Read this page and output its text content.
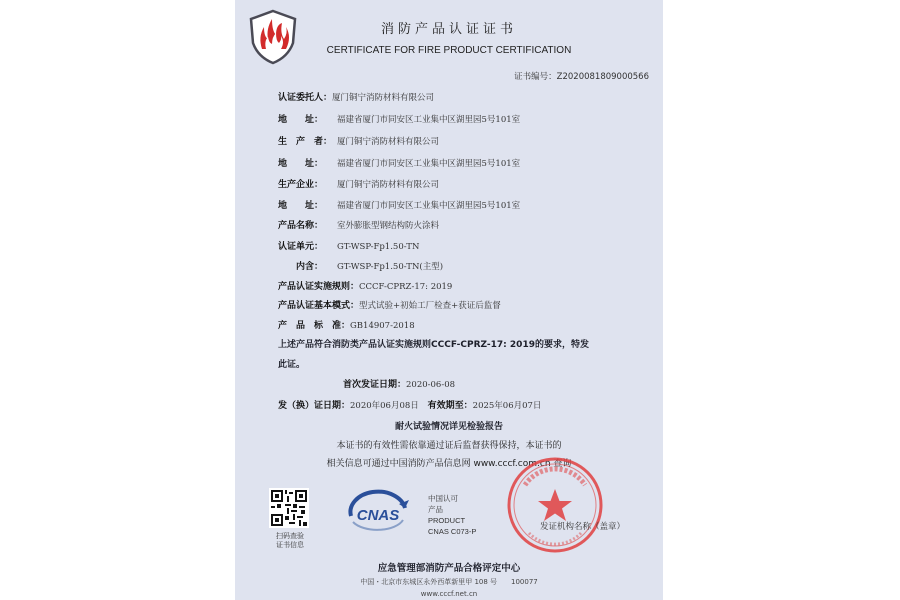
消防产品认证证书
CERTIFICATE FOR FIRE PRODUCT CERTIFICATION
证书编号：Z2020081809000566
认证委托人：厦门铜宁消防材料有限公司
地　　址： 福建省厦门市同安区工业集中区湖里园5号101室
生　产　者： 厦门铜宁消防材料有限公司
地　　址： 福建省厦门市同安区工业集中区湖里园5号101室
生产企业： 厦门铜宁消防材料有限公司
地　　址： 福建省厦门市同安区工业集中区湖里园5号101室
产品名称： 室外膨胀型钢结构防火涂料
认证单元： GT-WSP-Fp1.50-TN
　　内含： GT-WSP-Fp1.50-TN(主型)
产品认证实施规则：CCCF-CPRZ-17: 2019
产品认证基本模式：型式试验+初始工厂检查+获证后监督
产　品　标　准：GB14907-2018
上述产品符合消防类产品认证实施规则CCCF-CPRZ-17: 2019的要求，特发
此证。
首次发证日期：2020-06-08
发（换）证日期：2020年06月08日 有效期至：2025年06月07日
耐火试验情况详见检验报告
本证书的有效性需依靠通过证后监督获得保持，本证书的
相关信息可通过中国消防产品信息网 www.cccf.com.cn 查询
扫码查验
证书信息
CNAS
中国认可
产品
PRODUCT
CNAS C073-P	发证机构名称（盖章）
应急管理部消防产品合格评定中心
中国・北京市东城区永外西革新里甲 108 号　　100077
www.cccf.net.cn
